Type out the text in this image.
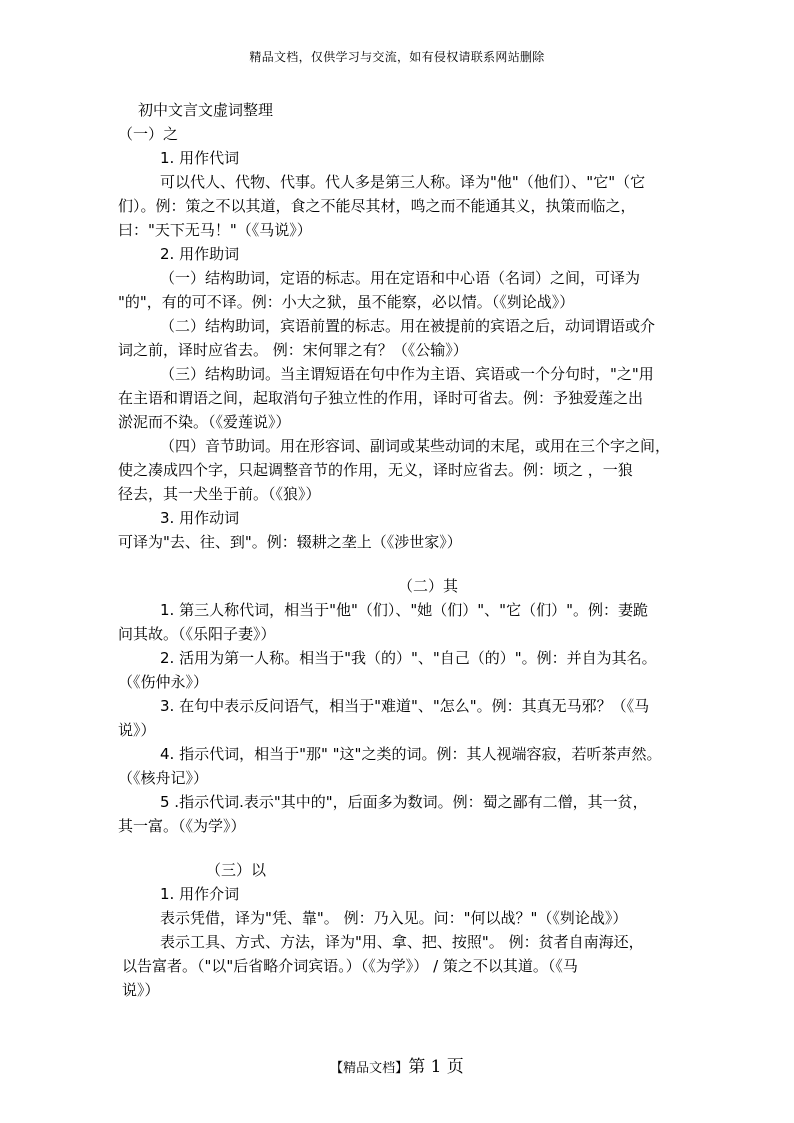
精品文档，仅供学习与交流，如有侵权请联系网站删除
初中文言文虚词整理
（一）之
1. 用作代词
可以代人、代物、代事。代人多是第三人称。译为"他"（他们）、"它"（它
们）。例：策之不以其道，食之不能尽其材，鸣之而不能通其义，执策而临之，
曰："天下无马！"（《马说》）
2. 用作助词
（一）结构助词，定语的标志。用在定语和中心语（名词）之间，可译为
"的"，有的可不译。例：小大之狱，虽不能察，必以情。（《刿论战》）
（二）结构助词，宾语前置的标志。用在被提前的宾语之后，动词谓语或介
词之前，译时应省去。 例：宋何罪之有？（《公输》）
（三）结构助词。当主谓短语在句中作为主语、宾语或一个分句时，"之"用
在主语和谓语之间，起取消句子独立性的作用，译时可省去。例：予独爱莲之出
淤泥而不染。（《爱莲说》）
（四）音节助词。用在形容词、副词或某些动词的末尾，或用在三个字之间，
使之凑成四个字，只起调整音节的作用，无义，译时应省去。例：顷之 ，一狼
径去，其一犬坐于前。（《狼》）
3. 用作动词
可译为"去、往、到"。例：辍耕之垄上（《涉世家》）
（二）其
1. 第三人称代词，相当于"他"（们）、"她（们）"、"它（们）"。例：妻跪
问其故。（《乐阳子妻》）
2. 活用为第一人称。相当于"我（的）"、"自己（的）"。例：并自为其名。
（《伤仲永》）
3. 在句中表示反问语气，相当于"难道"、"怎么"。例：其真无马邪？（《马
说》）
4. 指示代词，相当于"那" "这"之类的词。例：其人视端容寂，若听茶声然。
（《核舟记》）
5 .指示代词.表示"其中的"，后面多为数词。例：蜀之鄙有二僧，其一贫，
其一富。（《为学》）
（三）以
1. 用作介词
表示凭借，译为"凭、靠"。 例：乃入见。问："何以战？"（《刿论战》）
表示工具、方式、方法，译为"用、拿、把、按照"。 例：贫者自南海还，
以告富者。（"以"后省略介词宾语。）（《为学》） / 策之不以其道。（《马
说》）
【精品文档】第 1 页
